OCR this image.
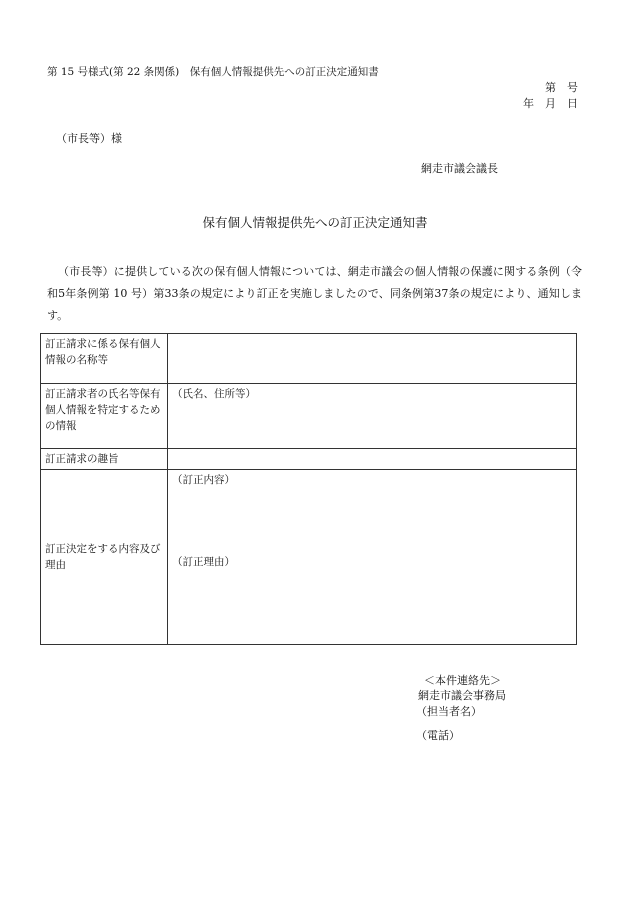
第 15 号様式(第 22 条関係)　保有個人情報提供先への訂正決定通知書
第　号
年　月　日
（市長等）様
網走市議会議長
保有個人情報提供先への訂正決定通知書
（市長等）に提供している次の保有個人情報については、網走市議会の個人情報の保護に関する条例（令和5年条例第 10 号）第33条の規定により訂正を実施しましたので、同条例第37条の規定により、通知します。
訂正請求に係る保有個人情報の名称等	
訂正請求者の氏名等保有個人情報を特定するための情報	（氏名、住所等）
訂正請求の趣旨	

訂正決定をする内容及び理由	（訂正内容）
（訂正理由）
＜本件連絡先＞
網走市議会事務局
（担当者名）
（電話）
